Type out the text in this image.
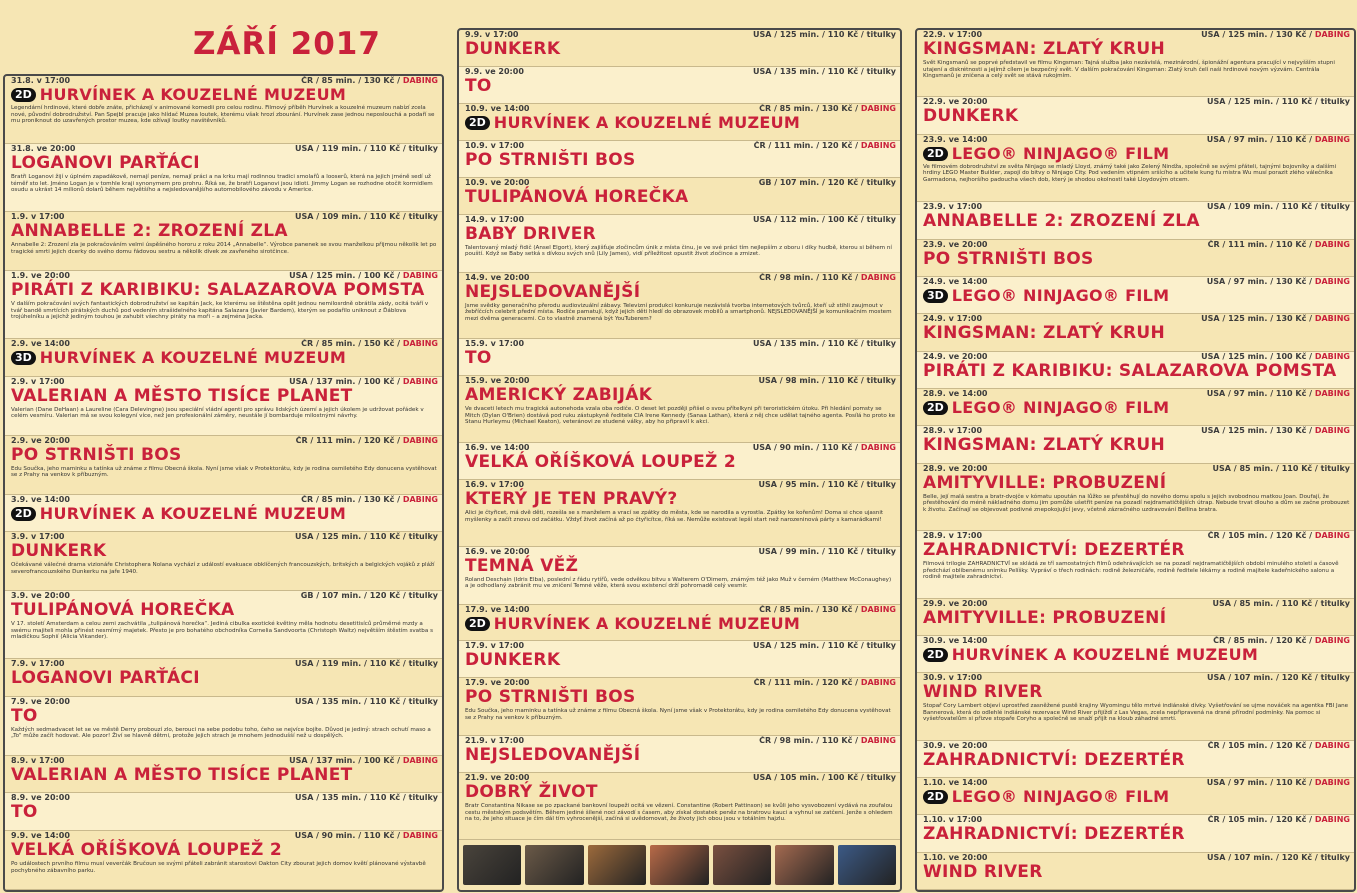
ZÁŘÍ 2017
31.8. v 17:00	ČR / 85 min. / 130 Kč / DABING
2D HURVÍNEK A KOUZELNÉ MUZEUM
Legendární hrdinové, které dobře znáte, přicházejí v animované komedii pro celou rodinu. Filmový příběh Hurvínek a kouzelné muzeum nabízí zcela nové, původní dobrodružství. Pan Spejbl pracuje jako hlídač Muzea loutek, kterému však hrozí zbourání. Hurvínek zase jednou neposlouchá a podaří se mu proniknout do uzavřených prostor muzea, kde ožívají loutky navštěvníků.
31.8. ve 20:00	USA / 119 min. / 110 Kč / titulky
LOGANOVI PARŤÁCI
Bratři Loganovi žijí v úplném zapadákově, nemají peníze, nemají práci a na krku mají rodinnou tradici smolařů a looserů, která na jejich jméně sedí už téměř sto let. Jméno Logan je v tomhle kraji synonymem pro prohru. Říká se, že bratři Loganovi jsou idioti. Jimmy Logan se rozhodne otočit kormidlem osudu a ukrást 14 milionů dolarů během největšího a nejsledovanějšího automobilového závodu v Americe.
1.9. v 17:00	USA / 109 min. / 110 Kč / titulky
ANNABELLE 2: ZROZENÍ ZLA
Annabelle 2: Zrození zla je pokračováním velmi úspěšného hororu z roku 2014 „Annabelle“. Výrobce panenek se svou manželkou přijmou několik let po tragické smrti jejich dcerky do svého domu řádovou sestru a několik dívek ze zavřeného sirotčince.
1.9. ve 20:00	USA / 125 min. / 100 Kč / DABING
PIRÁTI Z KARIBIKU: SALAZAROVA POMSTA
V dalším pokračování svých fantastických dobrodružství se kapitán Jack, ke kterému se štěstěna opět jednou nemilosrdně obrátila zády, ocitá tváří v tvář bandě smrtících pirátských duchů pod vedením strašidelného kapitána Salazara (Javier Bardem), kterým se podařilo uniknout z Ďáblova trojúhelníku a jejichž jediným touhou je zahubit všechny piráty na moři – a zejména Jacka.
2.9. ve 14:00	ČR / 85 min. / 150 Kč / DABING
3D HURVÍNEK A KOUZELNÉ MUZEUM
2.9. v 17:00	USA / 137 min. / 100 Kč / DABING
VALERIAN A MĚSTO TISÍCE PLANET
Valerian (Dane DeHaan) a Laureline (Cara Delevingne) jsou speciální vládní agenti pro správu lidských území a jejich úkolem je udržovat pořádek v celém vesmíru. Valerian má se svou kolegyní více, než jen profesionální záměry, neustále jí bombarduje milostnými návrhy.
2.9. ve 20:00	ČR / 111 min. / 120 Kč / DABING
PO STRNIŠTI BOS
Edu Součka, jeho maminku a tatínka už známe z filmu Obecná škola. Nyní jsme však v Protektorátu, kdy je rodina osmiletého Edy donucena vystěhovat se z Prahy na venkov k příbuzným.
3.9. ve 14:00	ČR / 85 min. / 130 Kč / DABING
2D HURVÍNEK A KOUZELNÉ MUZEUM
3.9. v 17:00	USA / 125 min. / 110 Kč / titulky
DUNKERK
Očekávané válečné drama vizionáře Christophera Nolana vychází z událostí evakuace obklíčených francouzských, britských a belgických vojáků z pláží severofrancouzského Dunkerku na jaře 1940.
3.9. ve 20:00	GB / 107 min. / 120 Kč / titulky
TULIPÁNOVÁ HOREČKA
V 17. století Amsterdam a celou zemi zachvátila „tulipánová horečka“. Jediná cibulka exotické květiny měla hodnotu desetitisíců průměrné mzdy a swému majiteli mohla přinést nesmírný majetek. Přesto je pro bohatého obchodníka Cornelia Sandvoorta (Christoph Waltz) největším štěstím svatba s mladičkou Sophií (Alicia Vikander).
7.9. v 17:00	USA / 119 min. / 110 Kč / titulky
LOGANOVI PARŤÁCI
7.9. ve 20:00	USA / 135 min. / 110 Kč / titulky
TO
Každých sedmadvacet let se ve městě Derry probouzí zlo, berouci na sebe podobu toho, čeho se nejvíce bojíte. Důvod je jediný: strach ochutí maso a „To“ může začít hodovat. Ale pozor! Živí se hlavně dětmi, protože jejich strach je mnohem jednodušší než u dospělých.
8.9. v 17:00	USA / 137 min. / 100 Kč / DABING
VALERIAN A MĚSTO TISÍCE PLANET
8.9. ve 20:00	USA / 135 min. / 110 Kč / titulky
TO
9.9. ve 14:00	USA / 90 min. / 110 Kč / DABING
VELKÁ OŘÍŠKOVÁ LOUPEŽ 2
Po událostech prvního filmu musí veverčák Bručoun se svými přáteli zabránit starostovi Oakton City zbourat jejich domov květí plánované výstavbě pochybného zábavního parku.
9.9. v 17:00	USA / 125 min. / 110 Kč / titulky
DUNKERK
9.9. ve 20:00	USA / 135 min. / 110 Kč / titulky
TO
10.9. ve 14:00	ČR / 85 min. / 130 Kč / DABING
2D HURVÍNEK A KOUZELNÉ MUZEUM
10.9. v 17:00	ČR / 111 min. / 120 Kč / DABING
PO STRNIŠTI BOS
10.9. ve 20:00	GB / 107 min. / 120 Kč / titulky
TULIPÁNOVÁ HOREČKA
14.9. v 17:00	USA / 112 min. / 100 Kč / titulky
BABY DRIVER
Talentovaný mladý řidič (Ansel Elgort), který zajišťuje zločincům únik z místa činu, je ve své práci tím nejlepším z oboru i díky hudbě, kterou si během ní pouští. Když se Baby setká s dívkou svých snů (Lily James), vidí příležitost opustit život zločince a zmizet.
14.9. ve 20:00	ČR / 98 min. / 110 Kč / DABING
NEJSLEDOVANĚJŠÍ
Jsme svědky generačního přerodu audiovizuální zábavy. Televizní produkci konkuruje nezávislá tvorba internetových tvůrců, kteří už stihli zaujmout v žebříčcích celebrit přední místa. Rodiče pamatují, když jejich děti hledí do obrazovek mobilů a smartphonů. NEJSLEDOVANĚJŠÍ je komunikačním mostem mezi dvěma generacemi. Co to vlastně znamená být YouTuberem?
15.9. v 17:00	USA / 135 min. / 110 Kč / titulky
TO
15.9. ve 20:00	USA / 98 min. / 110 Kč / titulky
AMERICKÝ ZABIJÁK
Ve dvaceti letech mu tragická autonehoda vzala oba rodiče. O deset let později přišel o svou přítelkyni při teroristickém útoku. Při hledání pomsty se Mitch (Dylan O'Brien) dostává pod ruku zástupkyně ředitele CIA Irene Kennedy (Sanaa Lathan), která z něj chce udělat tajného agenta. Posílá ho proto ke Stanu Hurleymu (Michael Keaton), veteránovi ze studené války, aby ho připravil k akci.
16.9. ve 14:00	USA / 90 min. / 110 Kč / DABING
VELKÁ OŘÍŠKOVÁ LOUPEŽ 2
16.9. v 17:00	USA / 95 min. / 110 Kč / titulky
KTERÝ JE TEN PRAVÝ?
Alici je čtyřicet, má dvě děti, rozešla se s manželem a vrací se zpátky do města, kde se narodila a vyrostla. Zpátky ke kořenům! Doma si chce ujasnit myšlenky a začít znovu od začátku. Vždyť život začíná až po čtyřicítce, říká se. Nemůže existovat lepší start než narozeninová párty s kamarádkami!
16.9. ve 20:00	USA / 99 min. / 110 Kč / titulky
TEMNÁ VĚŽ
Roland Deschain (Idris Elba), poslední z řádu rytířů, vede odvěkou bitvu s Walterem O'Dimem, známým též jako Muž v černém (Matthew McConaughey) a je odhodlaný zabránit mu ve zničení Temné věže, která svou existencí drží pohromadě celý vesmír.
17.9. ve 14:00	ČR / 85 min. / 130 Kč / DABING
2D HURVÍNEK A KOUZELNÉ MUZEUM
17.9. v 17:00	USA / 125 min. / 110 Kč / titulky
DUNKERK
17.9. ve 20:00	ČR / 111 min. / 120 Kč / DABING
PO STRNIŠTI BOS
Edu Součka, jeho maminku a tatínka už známe z filmu Obecná škola. Nyní jsme však v Protektorátu, kdy je rodina osmiletého Edy donucena vystěhovat se z Prahy na venkov k příbuzným.
21.9. v 17:00	ČR / 98 min. / 110 Kč / DABING
NEJSLEDOVANĚJŠÍ
21.9. ve 20:00	USA / 105 min. / 100 Kč / titulky
DOBRÝ ŽIVOT
Bratr Constantina Nikase se po zpackané bankovní loupeži ocitá ve vězení. Constantine (Robert Pattinson) se kvůli jeho vysvobození vydává na zoufalou cestu městským podsvětím. Během jediné šílené noci závodí s časem, aby získal dostatek peněz na bratrovu kauci a vyhnul se zatčení. Jenže s ohledem na to, že jeho situace je čím dál tím vyhrocenější, začíná si uvědomovat, že životy jich obou jsou v totálním hajzlu.
22.9. v 17:00	USA / 125 min. / 130 Kč / DABING
KINGSMAN: ZLATÝ KRUH
Svět Kingsmanů se poprvé představil ve filmu Kingsman: Tajná služba jako nezávislá, mezinárodní, špionážní agentura pracující v nejvyšším stupni utajení a diskrétnosti a jejímž cílem je bezpečný svět. V dalším pokračování Kingsman: Zlatý kruh čelí naši hrdinové novým výzvám. Centrála Kingsmanů je zničena a celý svět se stává rukojmím.
22.9. ve 20:00	USA / 125 min. / 110 Kč / titulky
DUNKERK
23.9. ve 14:00	USA / 97 min. / 110 Kč / DABING
2D LEGO® NINJAGO® FILM
Ve filmovém dobrodružství ze světa Ninjago se mladý Lloyd, známý také jako Zelený Nindža, společně se svými přáteli, tajnými bojovníky a dalšími hrdiny LEGO Master Builder, zapojí do bitvy o Ninjago City. Pod vedením vtipném sršícího a učitele kung fu mistra Wu musí porazit zlého válečníka Garmadona, nejhoršího padoucha všech dob, který je shodou okolností také Lloydovým otcem.
23.9. v 17:00	USA / 109 min. / 110 Kč / titulky
ANNABELLE 2: ZROZENÍ ZLA
23.9. ve 20:00	ČR / 111 min. / 110 Kč / DABING
PO STRNIŠTI BOS
24.9. ve 14:00	USA / 97 min. / 130 Kč / DABING
3D LEGO® NINJAGO® FILM
24.9. v 17:00	USA / 125 min. / 130 Kč / DABING
KINGSMAN: ZLATÝ KRUH
24.9. ve 20:00	USA / 125 min. / 100 Kč / DABING
PIRÁTI Z KARIBIKU: SALAZAROVA POMSTA
28.9. ve 14:00	USA / 97 min. / 110 Kč / DABING
2D LEGO® NINJAGO® FILM
28.9. v 17:00	USA / 125 min. / 130 Kč / DABING
KINGSMAN: ZLATÝ KRUH
28.9. ve 20:00	USA / 85 min. / 110 Kč / titulky
AMITYVILLE: PROBUZENÍ
Belle, její malá sestra a bratr-dvojče v kómatu upoután na lůžko se přestěhují do nového domu spolu s jejich svobodnou matkou Joan. Doufají, že přestěhování do méně nákladného domu jim pomůže ušetřit peníze na pozadí nejdramatičtějších útrap. Nebude trvat dlouho a dům se začne probouzet k životu. Začínají se objevovat podivné znepokojující jevy, včetně zázračného uzdravování Bellina bratra.
28.9. v 17:00	ČR / 105 min. / 120 Kč / DABING
ZAHRADNICTVÍ: DEZERTÉR
Filmová trilogie ZAHRADNICTVÍ se skládá ze tří samostatných filmů odehrávajících se na pozadí nejdramatičtějších období minulého století a časově předchází oblíbenému snímku Pelíšky. Vypráví o třech rodinách: rodině železničáře, rodině ředitele lékárny a rodině majitele kadeřnického salonu a rodině majitele zahradnictví.
29.9. ve 20:00	USA / 85 min. / 110 Kč / titulky
AMITYVILLE: PROBUZENÍ
30.9. ve 14:00	ČR / 85 min. / 120 Kč / DABING
2D HURVÍNEK A KOUZELNÉ MUZEUM
30.9. v 17:00	USA / 107 min. / 120 Kč / titulky
WIND RIVER
Stopař Cory Lambert objeví uprostřed zasněžené pustě krajiny Wyomingu tělo mrtvé indiánské dívky. Vyšetřování se ujme nováček na agentka FBI Jane Bannerová, která do odlehlé indiánské rezervace Wind River přijíždí z Las Vegas, zcela nepřipravená na drsné přírodní podmínky. Na pomoc si vyšetřovatelům si přizve stopaře Coryho a společně se snaží přijít na kloub záhadné smrti.
30.9. ve 20:00	ČR / 105 min. / 120 Kč / DABING
ZAHRADNICTVÍ: DEZERTÉR
1.10. ve 14:00	USA / 97 min. / 110 Kč / DABING
2D LEGO® NINJAGO® FILM
1.10. v 17:00	ČR / 105 min. / 120 Kč / DABING
ZAHRADNICTVÍ: DEZERTÉR
1.10. ve 20:00	USA / 107 min. / 120 Kč / titulky
WIND RIVER
